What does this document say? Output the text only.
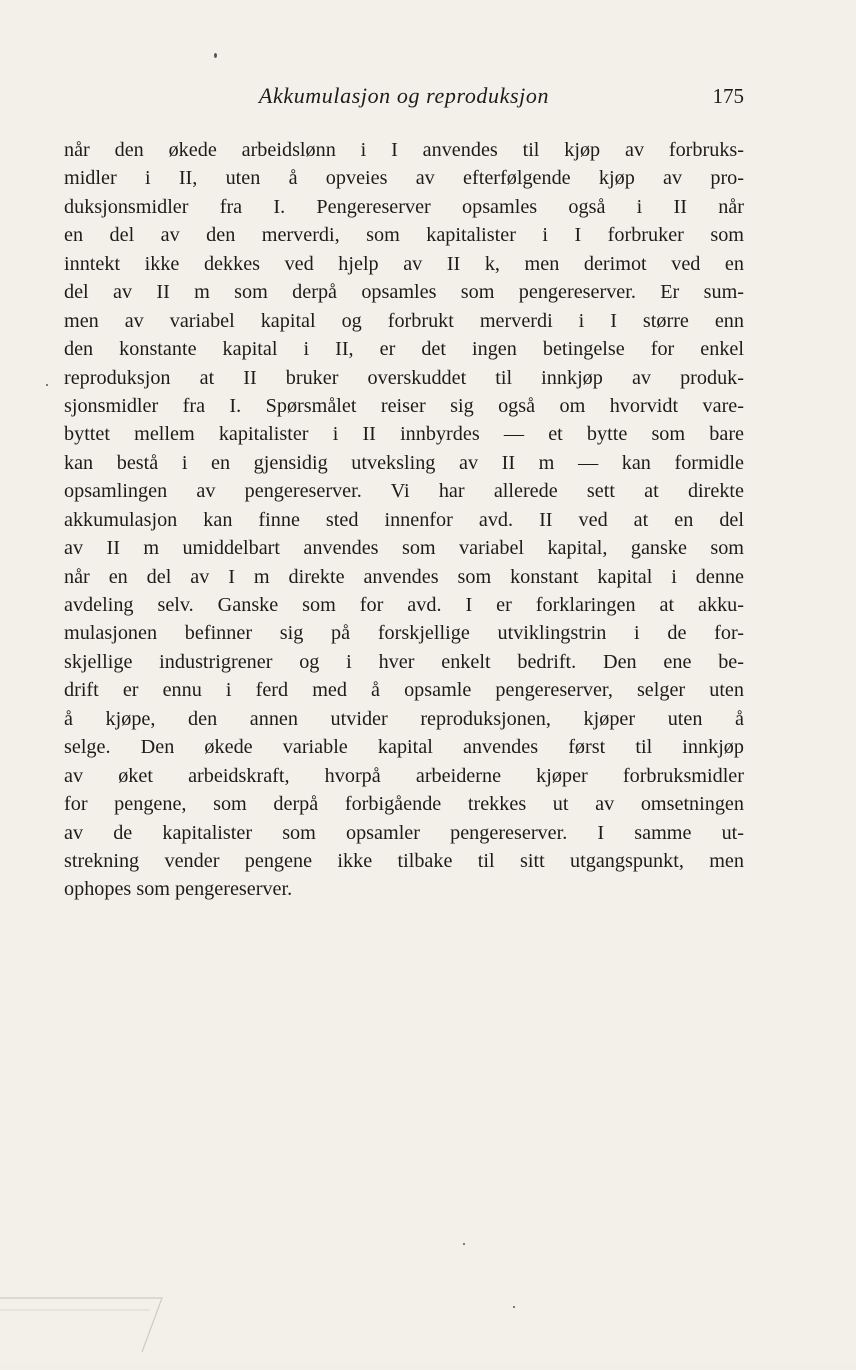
Akkumulasjon og reproduksjon	175
når den økede arbeidslønn i I anvendes til kjøp av forbruks-
midler i II, uten å opveies av efterfølgende kjøp av pro-
duksjonsmidler fra I. Pengereserver opsamles også i II når
en del av den merverdi, som kapitalister i I forbruker som
inntekt ikke dekkes ved hjelp av II k, men derimot ved en
del av II m som derpå opsamles som pengereserver. Er sum-
men av variabel kapital og forbrukt merverdi i I større enn
den konstante kapital i II, er det ingen betingelse for enkel
reproduksjon at II bruker overskuddet til innkjøp av produk-
sjonsmidler fra I. Spørsmålet reiser sig også om hvorvidt vare-
byttet mellem kapitalister i II innbyrdes — et bytte som bare
kan bestå i en gjensidig utveksling av II m — kan formidle
opsamlingen av pengereserver. Vi har allerede sett at direkte
akkumulasjon kan finne sted innenfor avd. II ved at en del
av II m umiddelbart anvendes som variabel kapital, ganske som
når en del av I m direkte anvendes som konstant kapital i denne
avdeling selv. Ganske som for avd. I er forklaringen at akku-
mulasjonen befinner sig på forskjellige utviklingstrin i de for-
skjellige industrigrener og i hver enkelt bedrift. Den ene be-
drift er ennu i ferd med å opsamle pengereserver, selger uten
å kjøpe, den annen utvider reproduksjonen, kjøper uten å
selge. Den økede variable kapital anvendes først til innkjøp
av øket arbeidskraft, hvorpå arbeiderne kjøper forbruksmidler
for pengene, som derpå forbigående trekkes ut av omsetningen
av de kapitalister som opsamler pengereserver. I samme ut-
strekning vender pengene ikke tilbake til sitt utgangspunkt, men
ophopes som pengereserver.
